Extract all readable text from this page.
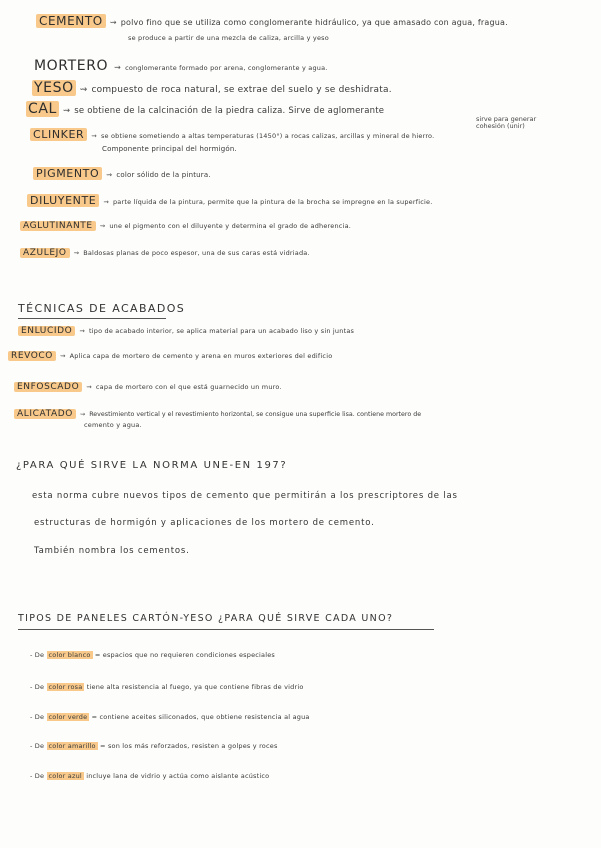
CEMENTO ⇝ polvo fino que se utiliza como conglomerante hidráulico, ya que amasado con agua, fragua.
se produce a partir de una mezcla de caliza, arcilla y yeso
MORTERO ⇝ conglomerante formado por arena, conglomerante y agua.
YESO ⇝ compuesto de roca natural, se extrae del suelo y se deshidrata.
CAL ⇝ se obtiene de la calcinación de la piedra caliza. Sirve de aglomerante
sirve para generar
cohesión (unir)
CLINKER ⇝ se obtiene sometiendo a altas temperaturas (1450°) a rocas calizas, arcillas y mineral de hierro.
Componente principal del hormigón.
PIGMENTO ⇝ color sólido de la pintura.
DILUYENTE ⇝ parte líquida de la pintura, permite que la pintura de la brocha se impregne en la superficie.
AGLUTINANTE ⇝ une el pigmento con el diluyente y determina el grado de adherencia.
AZULEJO ⇝ Baldosas planas de poco espesor, una de sus caras está vidriada.
TÉCNICAS DE ACABADOS
ENLUCIDO ⇝ tipo de acabado interior, se aplica material para un acabado liso y sin juntas
REVOCO ⇝ Aplica capa de mortero de cemento y arena en muros exteriores del edificio
ENFOSCADO ⇝ capa de mortero con el que está guarnecido un muro.
ALICATADO ⇝ Revestimiento vertical y el revestimiento horizontal, se consigue una superficie lisa. contiene mortero de
cemento y agua.
¿PARA QUÉ SIRVE LA NORMA UNE-EN 197?
esta norma cubre nuevos tipos de cemento que permitirán a los prescriptores de las
estructuras de hormigón y aplicaciones de los mortero de cemento.
También nombra los cementos.
TIPOS DE PANELES CARTÓN-YESO ¿PARA QUÉ SIRVE CADA UNO?
- De color blanco = espacios que no requieren condiciones especiales
- De color rosa tiene alta resistencia al fuego, ya que contiene fibras de vidrio
- De color verde = contiene aceites siliconados, que obtiene resistencia al agua
- De color amarillo = son los más reforzados, resisten a golpes y roces
- De color azul incluye lana de vidrio y actúa como aislante acústico
